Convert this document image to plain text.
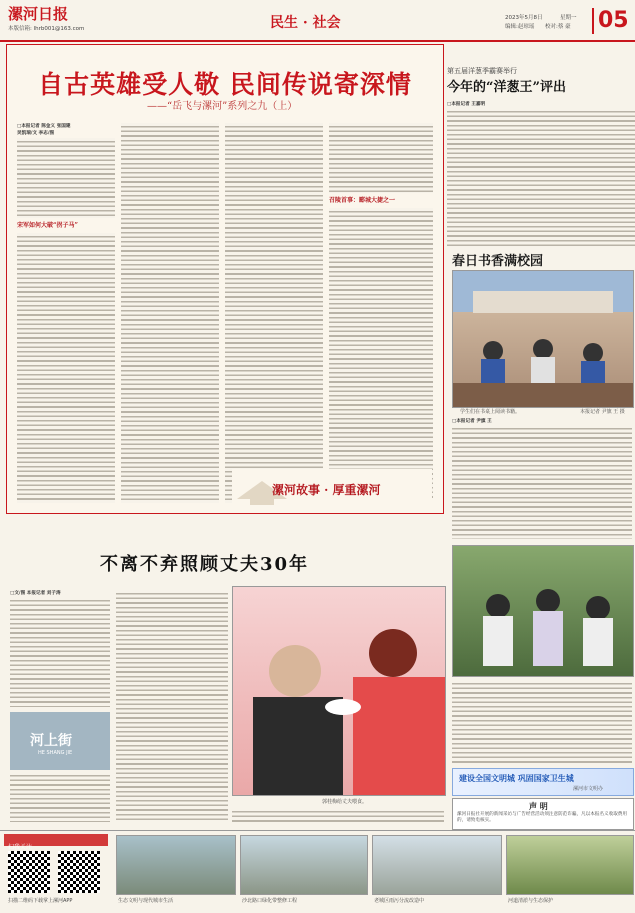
漯河日报
本版信箱: lhrb001@163.com	民生 · 社会	2023年5月8日	星期一
编辑:赵琼瑶 校对:蔡 豪 05
自古英雄受人敬 民间传说寄深情
——“岳飞与漯河”系列之九（上）
□本报记者 陈金义 张国建
吴凯瑞/文 李志/图
宋军如何大破“拐子马”
召陵首事：郾城大捷之一
漯河故事 · 厚重漯河
第五届洋葱季霸赛举行
今年的“洋葱王”评出
□本报记者 王嘉明
春日书香满校园
学生们在书桌上阅读书籍。	本报记者 尹旗 王 摄
□本报记者 尹旗 王
不离不弃照顾丈夫30年
□文/图 本报记者 刘子涛
河上街
HE SHANG JIE
郭桂梅给丈夫喂食。
建设全国文明城 巩固国家卫生城
漯河市文明办
声 明
漯河日报社开展的新闻采访与广告经营活动须注意防范诈骗，凡以本报名义收取费用的，请致电核实。
扫我关注
扫描二维码下载掌上漯河APP	生态文明与现代城市生活	沙北路口绿化带整修工程	老城区雨污分流改造中	河道清淤与生态保护
